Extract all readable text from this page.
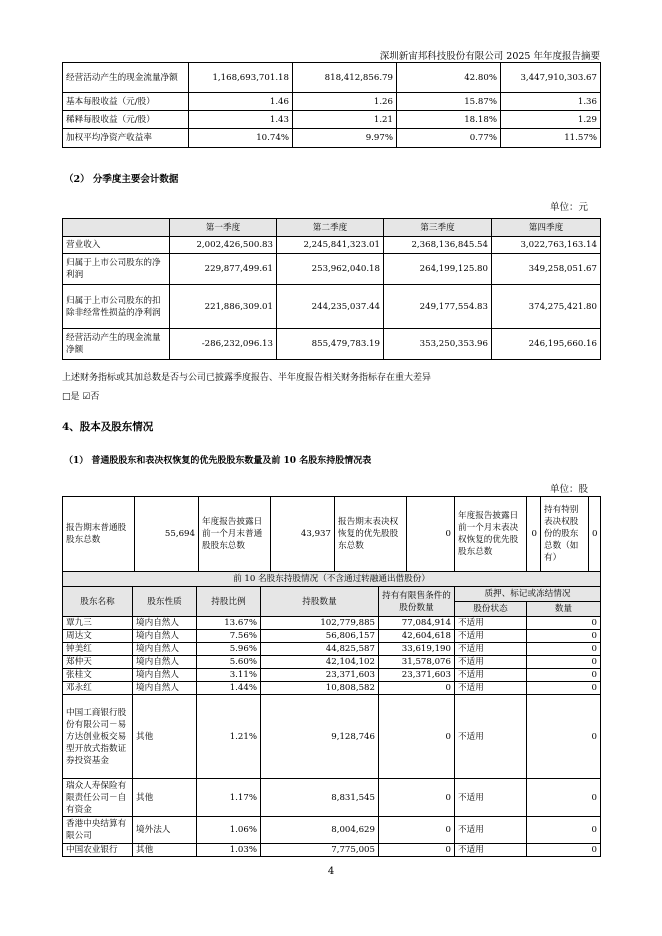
深圳新宙邦科技股份有限公司 2025 年年度报告摘要
经营活动产生的现金流量净额	1,168,693,701.18	818,412,856.79	42.80%	3,447,910,303.67
基本每股收益（元/股）	1.46	1.26	15.87%	1.36
稀释每股收益（元/股）	1.43	1.21	18.18%	1.29
加权平均净资产收益率	10.74%	9.97%	0.77%	11.57%
（2） 分季度主要会计数据
单位：元
	第一季度	第二季度	第三季度	第四季度
营业收入	2,002,426,500.83	2,245,841,323.01	2,368,136,845.54	3,022,763,163.14
归属于上市公司股东的净利润	229,877,499.61	253,962,040.18	264,199,125.80	349,258,051.67
归属于上市公司股东的扣除非经常性损益的净利润	221,886,309.01	244,235,037.44	249,177,554.83	374,275,421.80
经营活动产生的现金流量净额	-286,232,096.13	855,479,783.19	353,250,353.96	246,195,660.16
上述财务指标或其加总数是否与公司已披露季度报告、半年度报告相关财务指标存在重大差异
□是 ☑否
4、股本及股东情况
（1） 普通股股东和表决权恢复的优先股股东数量及前 10 名股东持股情况表
单位：股
报告期末普通股股东总数	55,694	年度报告披露日前一个月末普通股股东总数	43,937	报告期末表决权恢复的优先股股东总数	0	年度报告披露日前一个月末表决权恢复的优先股股东总数	0	持有特别表决权股份的股东总数（如有）	0
前 10 名股东持股情况（不含通过转融通出借股份）						
股东名称	股东性质	持股比例	持股数量	持有有限售条件的股份数量	质押、标记或冻结情况	
					股份状态	数量
覃九三	境内自然人	13.67%	102,779,885	77,084,914	不适用	0
周达文	境内自然人	7.56%	56,806,157	42,604,618	不适用	0
钟美红	境内自然人	5.96%	44,825,587	33,619,190	不适用	0
郑仲天	境内自然人	5.60%	42,104,102	31,578,076	不适用	0
张桂文	境内自然人	3.11%	23,371,603	23,371,603	不适用	0
邓永红	境内自然人	1.44%	10,808,582	0	不适用	0
中国工商银行股份有限公司－易方达创业板交易型开放式指数证券投资基金	其他	1.21%	9,128,746	0	不适用	0
瑞众人寿保险有限责任公司－自有资金	其他	1.17%	8,831,545	0	不适用	0
香港中央结算有限公司	境外法人	1.06%	8,004,629	0	不适用	0
中国农业银行	其他	1.03%	7,775,005	0	不适用	0
4
